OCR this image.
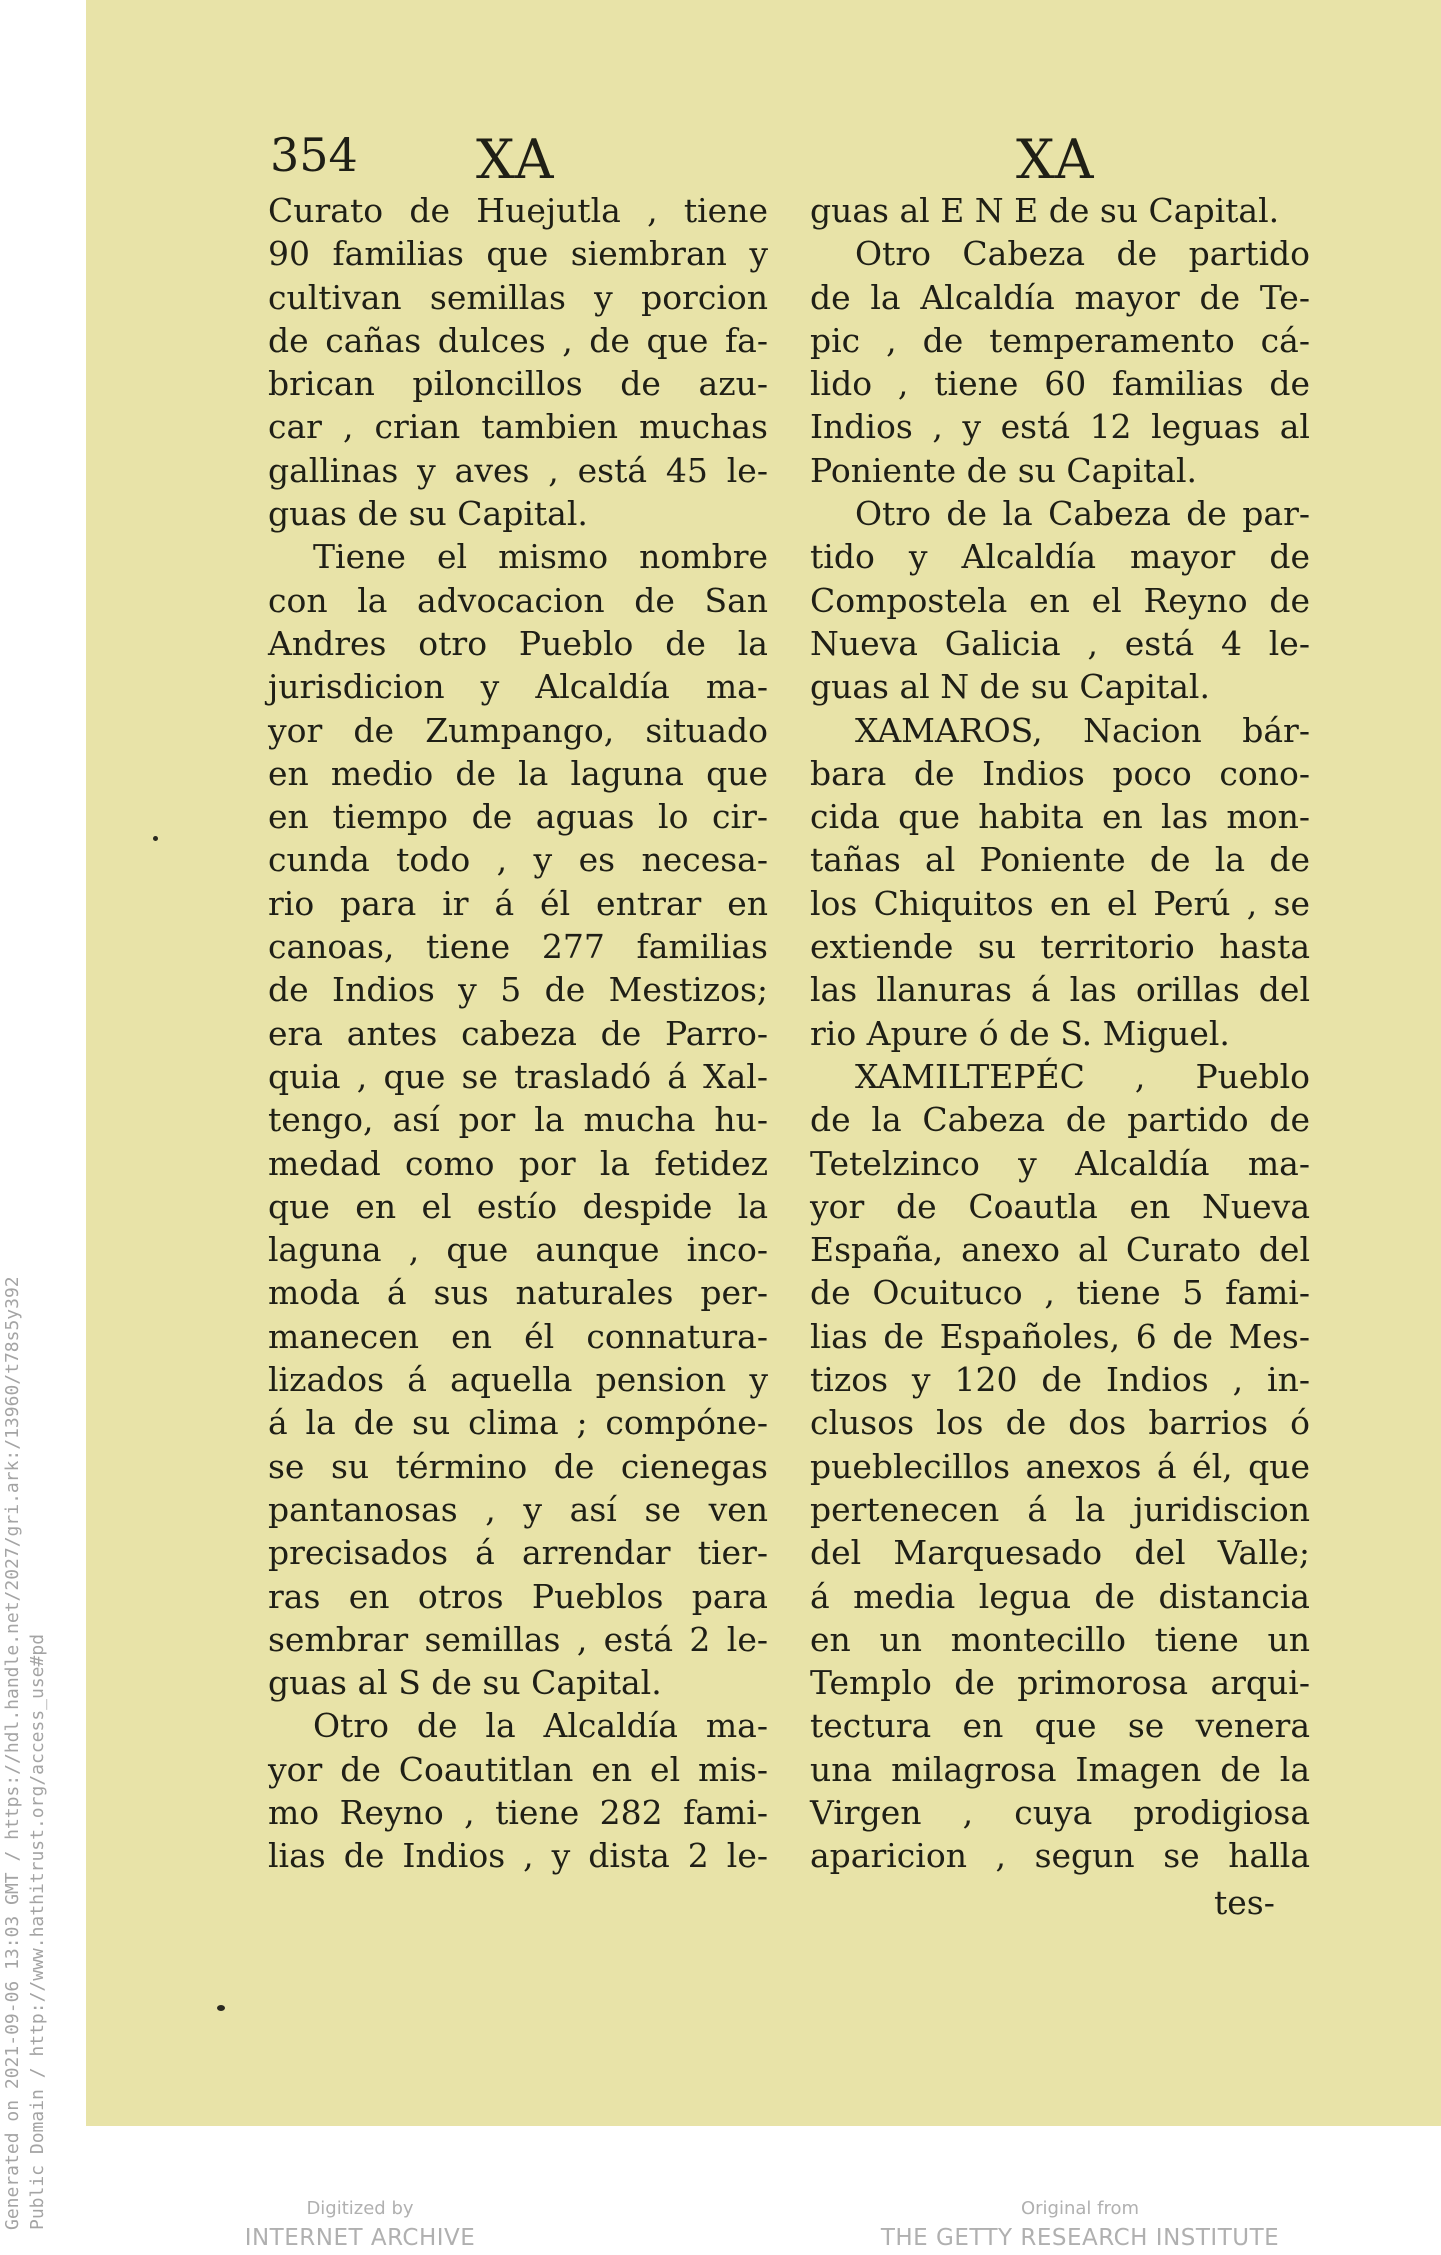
354 XA	XA
Curato de Huejutla , tiene
90 familias que siembran y
cultivan semillas y porcion
de cañas dulces , de que fa-
brican piloncillos de azu-
car , crian tambien muchas
gallinas y aves , está 45 le-
guas de su Capital.
Tiene el mismo nombre
con la advocacion de San
Andres otro Pueblo de la
jurisdicion y Alcaldía ma-
yor de Zumpango, situado
en medio de la laguna que
en tiempo de aguas lo cir-
cunda todo , y es necesa-
rio para ir á él entrar en
canoas, tiene 277 familias
de Indios y 5 de Mestizos;
era antes cabeza de Parro-
quia , que se trasladó á Xal-
tengo, así por la mucha hu-
medad como por la fetidez
que en el estío despide la
laguna , que aunque inco-
moda á sus naturales per-
manecen en él connatura-
lizados á aquella pension y
á la de su clima ; compóne-
se su término de cienegas
pantanosas , y así se ven
precisados á arrendar tier-
ras en otros Pueblos para
sembrar semillas , está 2 le-
guas al S de su Capital.
Otro de la Alcaldía ma-
yor de Coautitlan en el mis-
mo Reyno , tiene 282 fami-
lias de Indios , y dista 2 le-
guas al E N E de su Capital.
Otro Cabeza de partido
de la Alcaldía mayor de Te-
pic , de temperamento cá-
lido , tiene 60 familias de
Indios , y está 12 leguas al
Poniente de su Capital.
Otro de la Cabeza de par-
tido y Alcaldía mayor de
Compostela en el Reyno de
Nueva Galicia , está 4 le-
guas al N de su Capital.
XAMAROS, Nacion bár-
bara de Indios poco cono-
cida que habita en las mon-
tañas al Poniente de la de
los Chiquitos en el Perú , se
extiende su territorio hasta
las llanuras á las orillas del
rio Apure ó de S. Miguel.
XAMILTEPÉC , Pueblo
de la Cabeza de partido de
Tetelzinco y Alcaldía ma-
yor de Coautla en Nueva
España, anexo al Curato del
de Ocuituco , tiene 5 fami-
lias de Españoles, 6 de Mes-
tizos y 120 de Indios , in-
clusos los de dos barrios ó
pueblecillos anexos á él, que
pertenecen á la juridiscion
del Marquesado del Valle;
á media legua de distancia
en un montecillo tiene un
Templo de primorosa arqui-
tectura en que se venera
una milagrosa Imagen de la
Virgen , cuya prodigiosa
aparicion , segun se halla
tes-
Generated on 2021-09-06 13:03 GMT / https://hdl.handle.net/2027/gri.ark:/13960/t78s5y392 Public Domain / http://www.hathitrust.org/access_use#pd	Digitized by
INTERNET ARCHIVE
Original from
THE GETTY RESEARCH INSTITUTE
